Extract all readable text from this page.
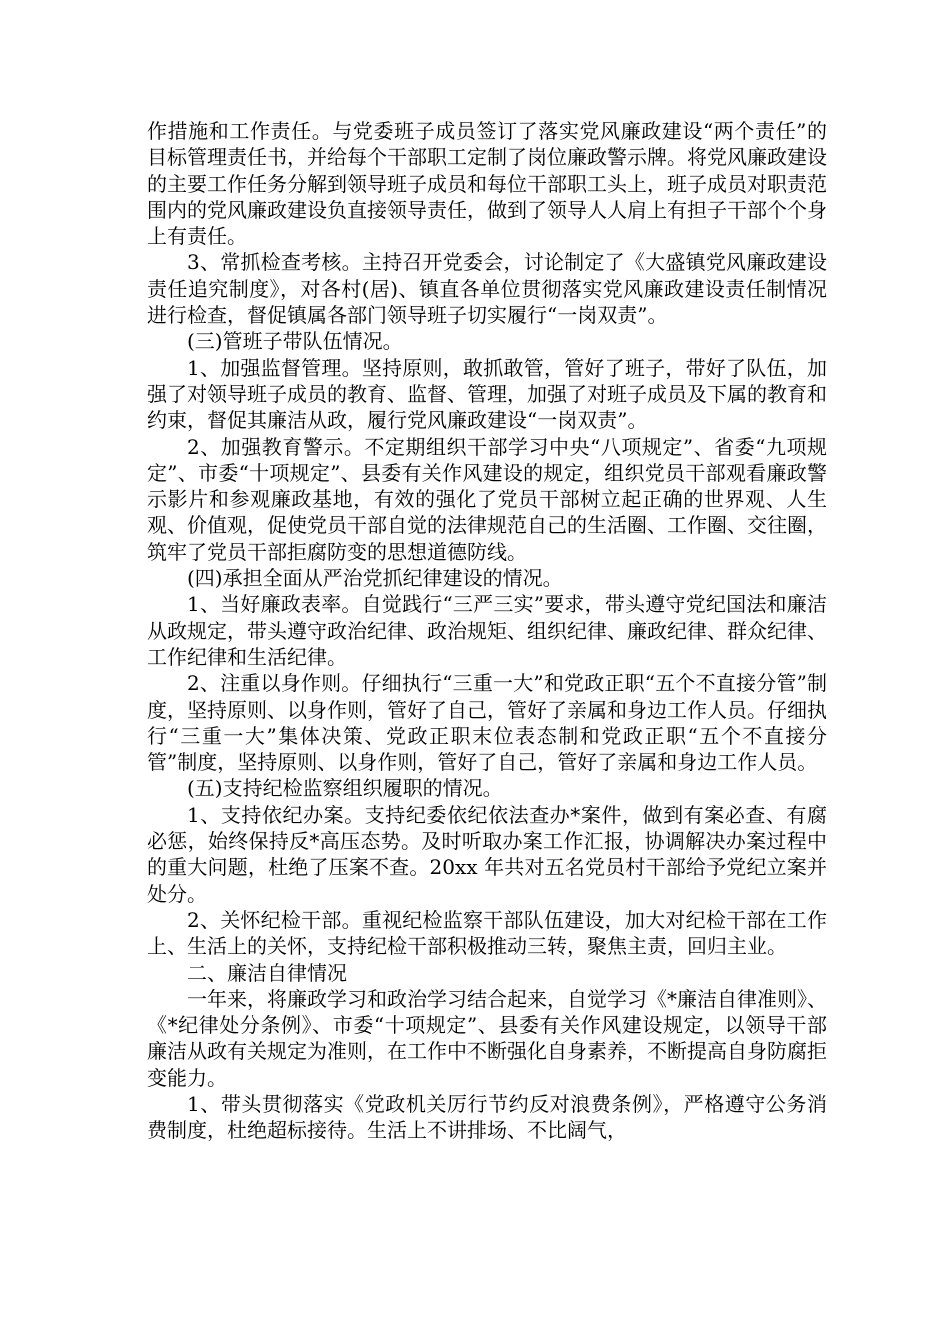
作措施和工作责任。与党委班子成员签订了落实党风廉政建设“两个责任”的目标管理责任书，并给每个干部职工定制了岗位廉政警示牌。将党风廉政建设的主要工作任务分解到领导班子成员和每位干部职工头上，班子成员对职责范围内的党风廉政建设负直接领导责任，做到了领导人人肩上有担子干部个个身上有责任。

3、常抓检查考核。主持召开党委会，讨论制定了《大盛镇党风廉政建设责任追究制度》，对各村(居)、镇直各单位贯彻落实党风廉政建设责任制情况进行检查，督促镇属各部门领导班子切实履行“一岗双责”。

(三)管班子带队伍情况。

1、加强监督管理。坚持原则，敢抓敢管，管好了班子，带好了队伍，加强了对领导班子成员的教育、监督、管理，加强了对班子成员及下属的教育和约束，督促其廉洁从政，履行党风廉政建设“一岗双责”。

2、加强教育警示。不定期组织干部学习中央“八项规定”、省委“九项规定”、市委“十项规定”、县委有关作风建设的规定，组织党员干部观看廉政警示影片和参观廉政基地，有效的强化了党员干部树立起正确的世界观、人生观、价值观，促使党员干部自觉的法律规范自己的生活圈、工作圈、交往圈，筑牢了党员干部拒腐防变的思想道德防线。

(四)承担全面从严治党抓纪律建设的情况。

1、当好廉政表率。自觉践行“三严三实”要求，带头遵守党纪国法和廉洁从政规定，带头遵守政治纪律、政治规矩、组织纪律、廉政纪律、群众纪律、工作纪律和生活纪律。

2、注重以身作则。仔细执行“三重一大”和党政正职“五个不直接分管”制度，坚持原则、以身作则，管好了自己，管好了亲属和身边工作人员。仔细执行“三重一大”集体决策、党政正职末位表态制和党政正职“五个不直接分管”制度，坚持原则、以身作则，管好了自己，管好了亲属和身边工作人员。

(五)支持纪检监察组织履职的情况。

1、支持依纪办案。支持纪委依纪依法查办*案件，做到有案必查、有腐必惩，始终保持反*高压态势。及时听取办案工作汇报，协调解决办案过程中的重大问题，杜绝了压案不查。20xx 年共对五名党员村干部给予党纪立案并处分。

2、关怀纪检干部。重视纪检监察干部队伍建设，加大对纪检干部在工作上、生活上的关怀，支持纪检干部积极推动三转，聚焦主责，回归主业。

二、廉洁自律情况

一年来，将廉政学习和政治学习结合起来，自觉学习《*廉洁自律准则》、《*纪律处分条例》、市委“十项规定”、县委有关作风建设规定，以领导干部廉洁从政有关规定为准则，在工作中不断强化自身素养，不断提高自身防腐拒变能力。

1、带头贯彻落实《党政机关厉行节约反对浪费条例》，严格遵守公务消费制度，杜绝超标接待。生活上不讲排场、不比阔气，
